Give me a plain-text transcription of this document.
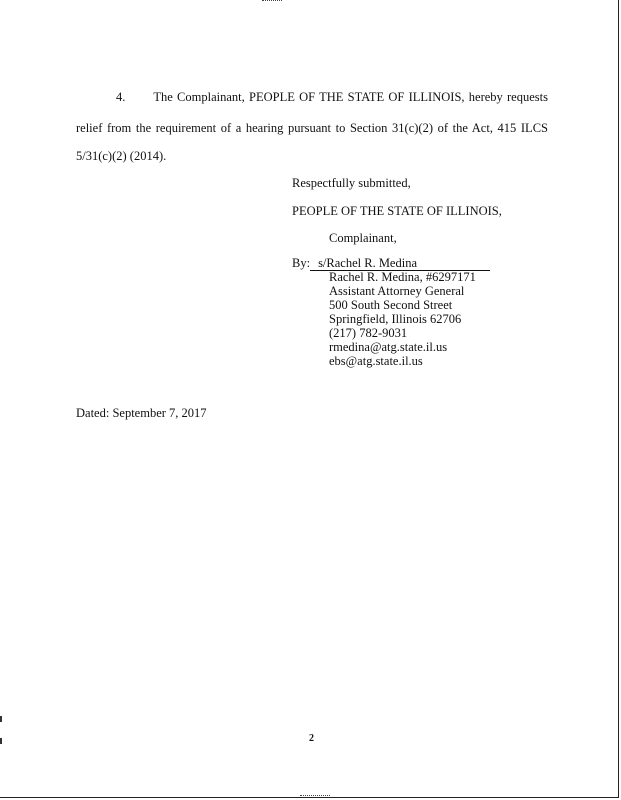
4.	The Complainant, PEOPLE OF THE STATE OF ILLINOIS, hereby requests
relief from the requirement of a hearing pursuant to Section 31(c)(2) of the Act, 415 ILCS
5/31(c)(2) (2014).
Respectfully submitted,
PEOPLE OF THE STATE OF ILLINOIS,
Complainant,
By: s/Rachel R. Medina
Rachel R. Medina, #6297171
Assistant Attorney General
500 South Second Street
Springfield, Illinois 62706
(217) 782-9031
rmedina@atg.state.il.us
ebs@atg.state.il.us
Dated: September 7, 2017
2
